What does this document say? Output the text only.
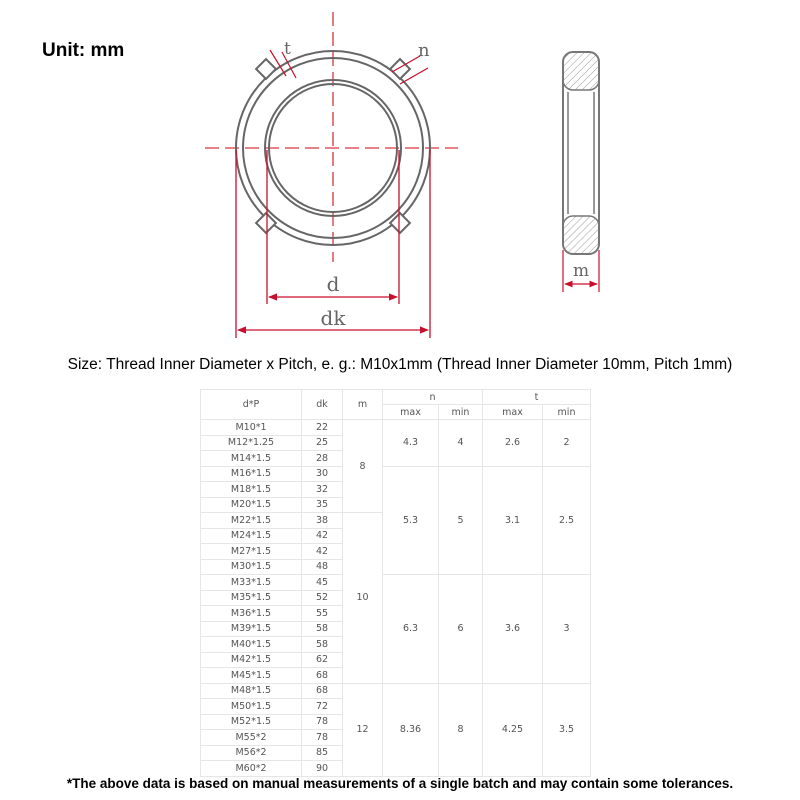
Unit: mm	t	n
d
dk
m
Size: Thread Inner Diameter x Pitch, e. g.: M10x1mm (Thread Inner Diameter 10mm, Pitch 1mm)
d*P	dk	m	n		t	
			max	min	max	min
M10*1	22	8	4.3	4	2.6	2
M12*1.25	25					
M14*1.5	28					
M16*1.5	30		5.3	5	3.1	2.5
M18*1.5	32					
M20*1.5	35					
M22*1.5	38	10				
M24*1.5	42					
M27*1.5	42					
M30*1.5	48					
M33*1.5	45		6.3	6	3.6	3
M35*1.5	52					
M36*1.5	55					
M39*1.5	58					
M40*1.5	58					
M42*1.5	62					
M45*1.5	68					
M48*1.5	68	12	8.36	8	4.25	3.5
M50*1.5	72					
M52*1.5	78					
M55*2	78					
M56*2	85					
M60*2	90					
*The above data is based on manual measurements of a single batch and may contain some tolerances.
